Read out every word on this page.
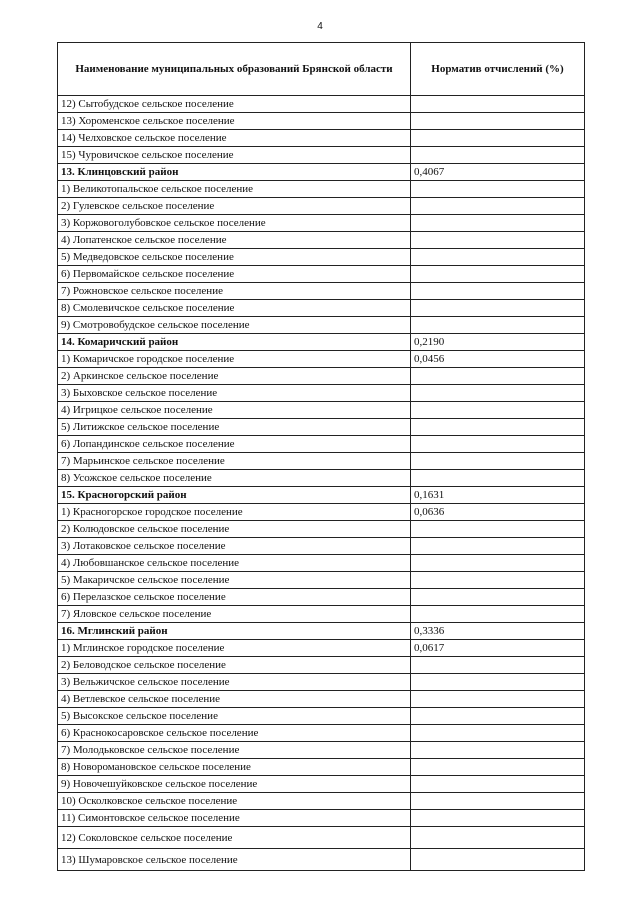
4
Наименование муниципальных образований Брянской области	Норматив отчислений (%)
12) Сытобудское сельское поселение	
13) Хороменское сельское поселение	
14) Челховское сельское поселение	
15) Чуровичское сельское поселение	
13. Клинцовский район	0,4067
1) Великотопальское сельское поселение	
2) Гулевское сельское поселение	
3) Коржовоголубовское сельское поселение	
4) Лопатенское сельское поселение	
5) Медведовское сельское поселение	
6) Первомайское сельское поселение	
7) Рожновское сельское поселение	
8) Смолевичское сельское поселение	
9) Смотровобудское сельское поселение	
14. Комаричский район	0,2190
1) Комаричское городское поселение	0,0456
2) Аркинское сельское поселение	
3) Быховское сельское поселение	
4) Игрицкое сельское поселение	
5) Литижское сельское поселение	
6) Лопандинское сельское поселение	
7) Марьинское сельское поселение	
8) Усожское сельское поселение	
15. Красногорский район	0,1631
1) Красногорское городское поселение	0,0636
2) Колюдовское сельское поселение	
3) Лотаковское сельское поселение	
4) Любовшанское сельское поселение	
5) Макаричское сельское поселение	
6) Перелазское сельское поселение	
7) Яловское сельское поселение	
16. Мглинский район	0,3336
1) Мглинское городское поселение	0,0617
2) Беловодское сельское поселение	
3) Вельжичское сельское поселение	
4) Ветлевское сельское поселение	
5) Высокское сельское поселение	
6) Краснокосаровское сельское поселение	
7) Молодьковское сельское поселение	
8) Новоромановское сельское поселение	
9) Новочешуйковское сельское поселение	
10) Осколковское сельское поселение	
11) Симонтовское сельское поселение	
12) Соколовское сельское поселение	
13) Шумаровское сельское поселение	
